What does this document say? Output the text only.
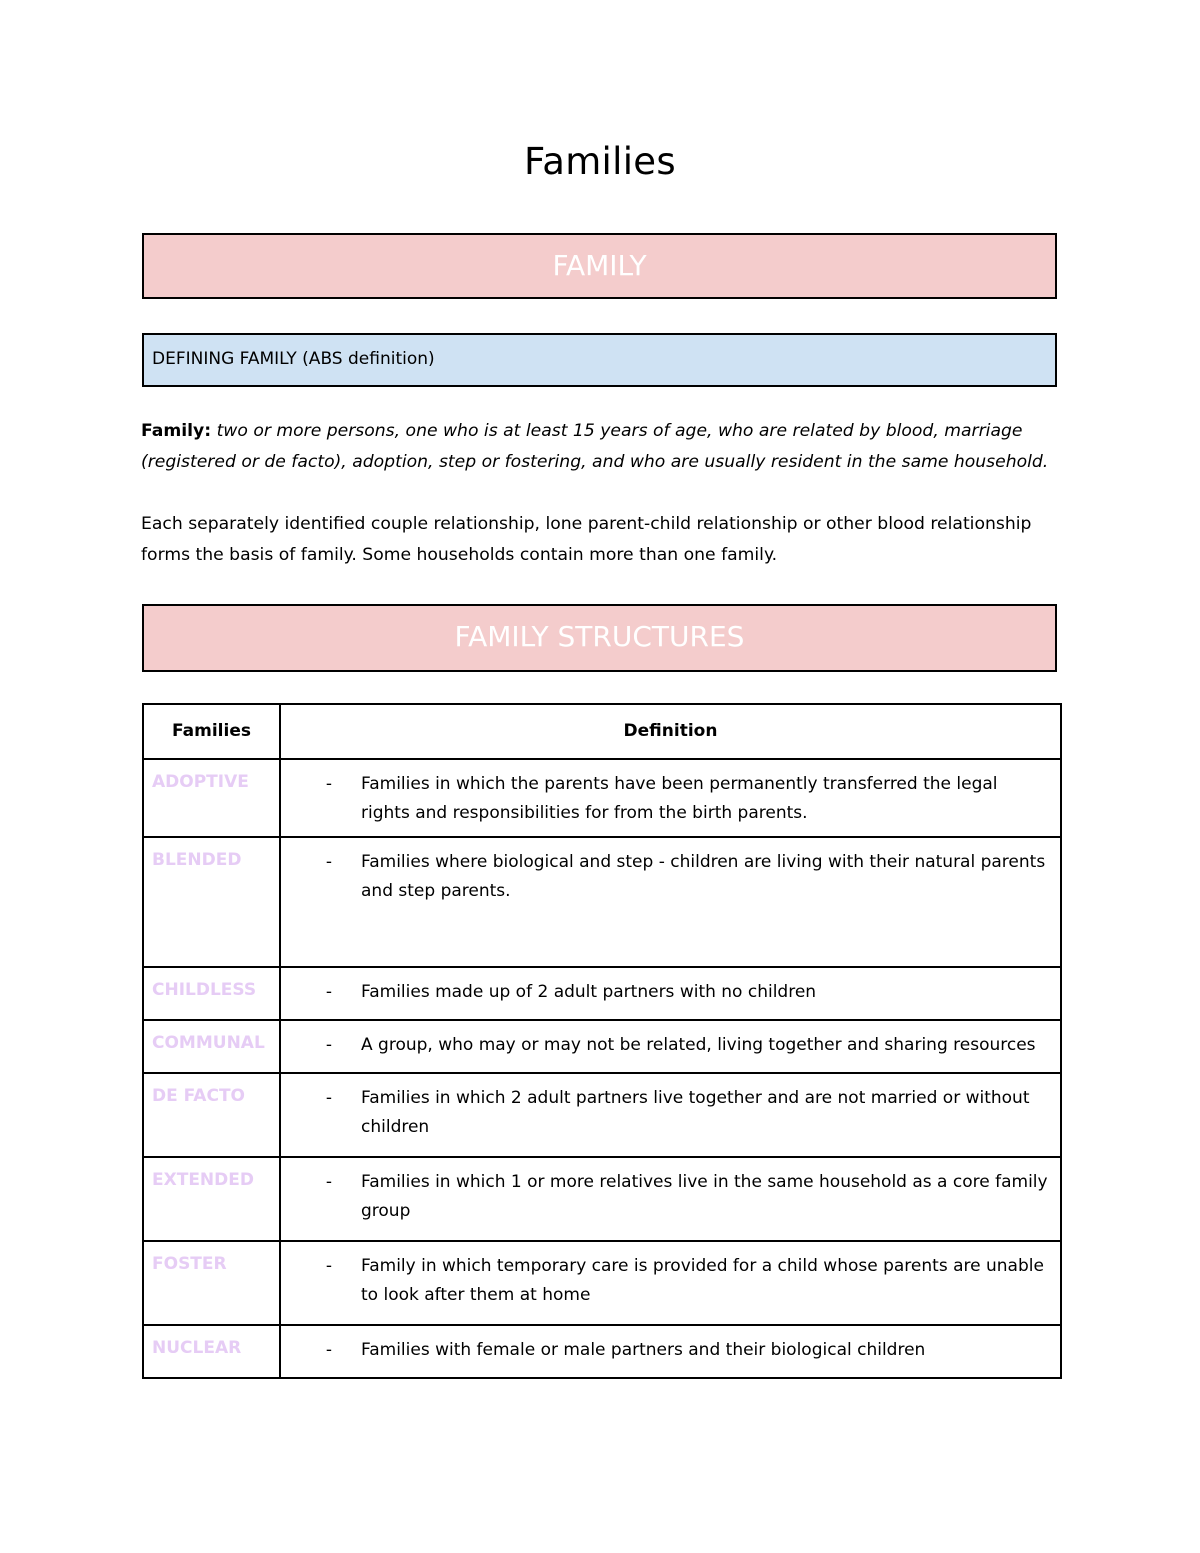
Families
FAMILY
DEFINING FAMILY (ABS definition)
Family: two or more persons, one who is at least 15 years of age, who are related by blood, marriage (registered or de facto), adoption, step or fostering, and who are usually resident in the same household.
Each separately identified couple relationship, lone parent-child relationship or other blood relationship forms the basis of family. Some households contain more than one family.
FAMILY STRUCTURES
Families	Definition
ADOPTIVE	- Families in which the parents have been permanently transferred the legal rights and responsibilities for from the birth parents.

BLENDED	- Families where biological and step - children are living with their natural parents and step parents.

CHILDLESS	- Families made up of 2 adult partners with no children

COMMUNAL	- A group, who may or may not be related, living together and sharing resources

DE FACTO	- Families in which 2 adult partners live together and are not married or without children

EXTENDED	- Families in which 1 or more relatives live in the same household as a core family group

FOSTER	- Family in which temporary care is provided for a child whose parents are unable to look after them at home

NUCLEAR	- Families with female or male partners and their biological children
